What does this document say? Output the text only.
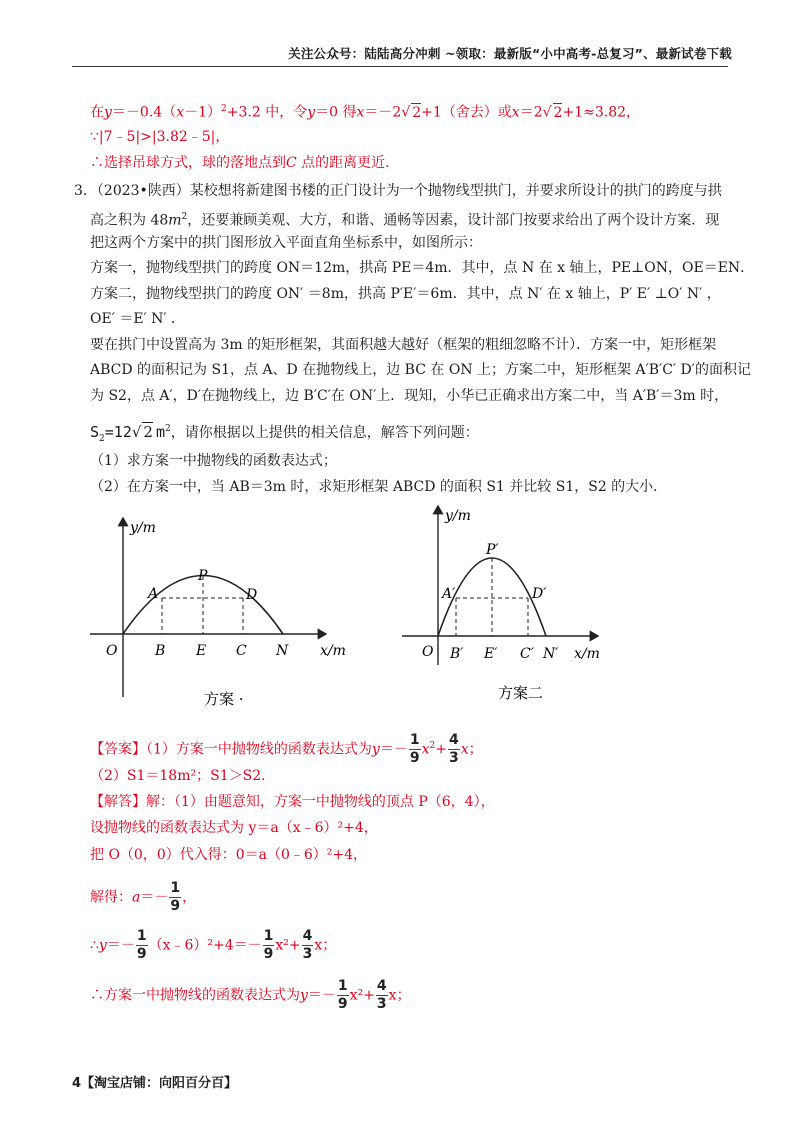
关注公众号：陆陆高分冲刺 ~领取：最新版“小中高考-总复习”、最新试卷下载
在$y=-0.4(x-1)^2+3.2$ 中，令y＝0 得x＝－2√ 2+1（舍去）或x＝2√ 2+1≈3.82，
∵|7﹣5|>|3.82﹣5|，
∴选择吊球方式，球的落地点到C 点的距离更近．
3．（2023•陕西）某校想将新建图书楼的正门设计为一个抛物线型拱门，并要求所设计的拱门的跨度与拱
高之积为 $48m^2$，还要兼顾美观、大方，和谐、通畅等因素，设计部门按要求给出了两个设计方案．现
把这两个方案中的拱门图形放入平面直角坐标系中，如图所示：
方案一，抛物线型拱门的跨度 ON＝12m，拱高 PE＝4m．其中，点 N 在 x 轴上，PE⊥ON，OE＝EN．
方案二，抛物线型拱门的跨度 ON′ ＝8m，拱高 P′E′＝6m．其中，点 N′ 在 x 轴上，P′ E′ ⊥O′ N′ ，
OE′ ＝E′ N′ ．
要在拱门中设置高为 3m 的矩形框架，其面积越大越好（框架的粗细忽略不计）．方案一中，矩形框架
ABCD 的面积记为 S1，点 A、D 在抛物线上，边 BC 在 ON 上；方案二中，矩形框架 A′B′C′ D′的面积记
为 S2，点 A′，D′在抛物线上，边 B′C′在 ON′上．现知，小华已正确求出方案二中，当 A′B′＝3m 时，
$S_2=12√$ 2 $m^2$，请你根据以上提供的相关信息，解答下列问题：
（1）求方案一中抛物线的函数表达式；
（2）在方案一中，当 AB＝3m 时，求矩形框架 ABCD 的面积 S1 并比较 S1，S2 的大小．
y/m
x/m
O
A
P
D
B E C N
方案 ·
y/m
x/m
O
A′
P′
D′
B′ E′ C′ N′
方案二
【答案】（1）方案一中抛物线的函数表达式为$y=- \frac{1}{9} x^2+ \frac{4}{3}$ x；
（2）S1＝18m²；S1＞S2．
【解答】解：（1）由题意知，方案一中抛物线的顶点 P（6，4），
设抛物线的函数表达式为 y＝a（x﹣6）²+4，
把 O（0，0）代入得：0＝a（0﹣6）²+4，
解得：$a=- \frac{1}{9}$ ，
∴y＝－ $\frac{1}{9}$ （x﹣6）²+4＝－ $\frac{1}{9} x^2+ \frac{4}{3}$ x；
∴方案一中抛物线的函数表达式为$y=- \frac{1}{9} x^2+ \frac{4}{3}$ x；
4【淘宝店铺：向阳百分百】
